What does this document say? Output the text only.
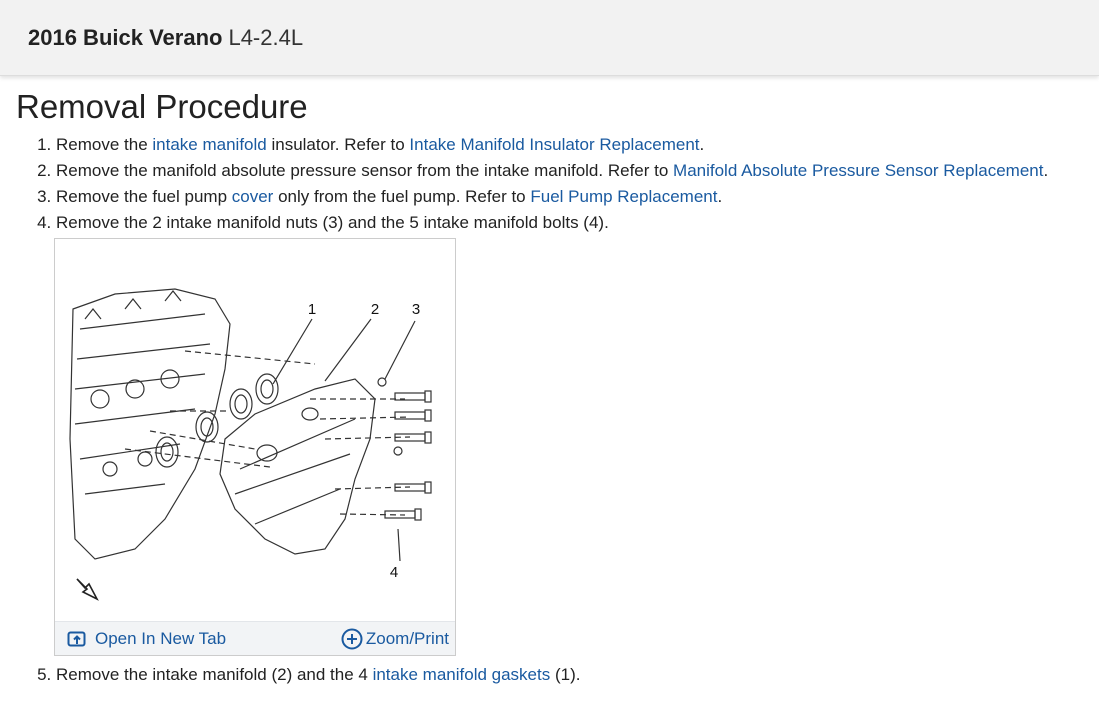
2016 Buick Verano L4-2.4L
Removal Procedure
1. Remove the intake manifold insulator. Refer to Intake Manifold Insulator Replacement.
2. Remove the manifold absolute pressure sensor from the intake manifold. Refer to Manifold Absolute Pressure Sensor Replacement.
3. Remove the fuel pump cover only from the fuel pump. Refer to Fuel Pump Replacement.
4. Remove the 2 intake manifold nuts (3) and the 5 intake manifold bolts (4).
1	2 3
4
Open In New Tab	Zoom/Print
5. Remove the intake manifold (2) and the 4 intake manifold gaskets (1).
